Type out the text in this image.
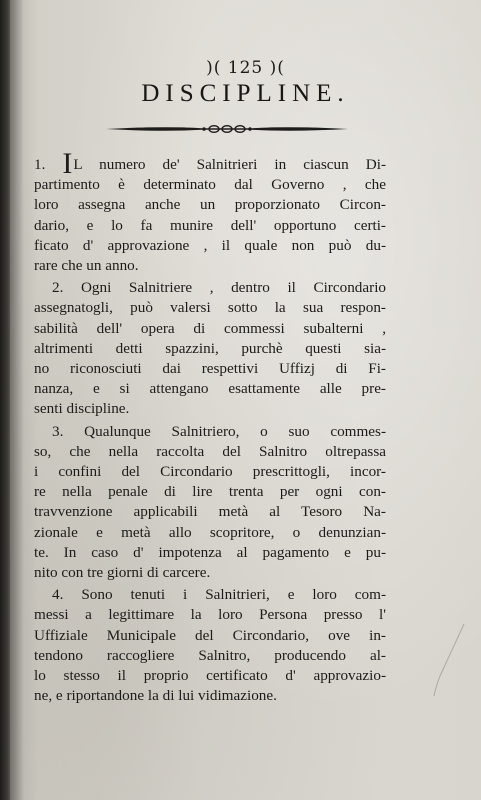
)( 125 )(
DISCIPLINE.
1. IL numero de' Salnitrieri in ciascun Di-
partimento è determinato dal Governo , che
loro assegna anche un proporzionato Circon-
dario, e lo fa munire dell' opportuno certi-
ficato d' approvazione , il quale non può du-
rare che un anno.
2. Ogni Salnitriere , dentro il Circondario
assegnatogli, può valersi sotto la sua respon-
sabilità dell' opera di commessi subalterni ,
altrimenti detti spazzini, purchè questi sia-
no riconosciuti dai respettivi Uffizj di Fi-
nanza, e si attengano esattamente alle pre-
senti discipline.
3. Qualunque Salnitriero, o suo commes-
so, che nella raccolta del Salnitro oltrepassa
i confini del Circondario prescrittogli, incor-
re nella penale di lire trenta per ogni con-
travvenzione applicabili metà al Tesoro Na-
zionale e metà allo scopritore, o denunzian-
te. In caso d' impotenza al pagamento e pu-
nito con tre giorni di carcere.
4. Sono tenuti i Salnitrieri, e loro com-
messi a legittimare la loro Persona presso l'
Uffiziale Municipale del Circondario, ove in-
tendono raccogliere Salnitro, producendo al-
lo stesso il proprio certificato d' approvazio-
ne, e riportandone la di lui vidimazione.
